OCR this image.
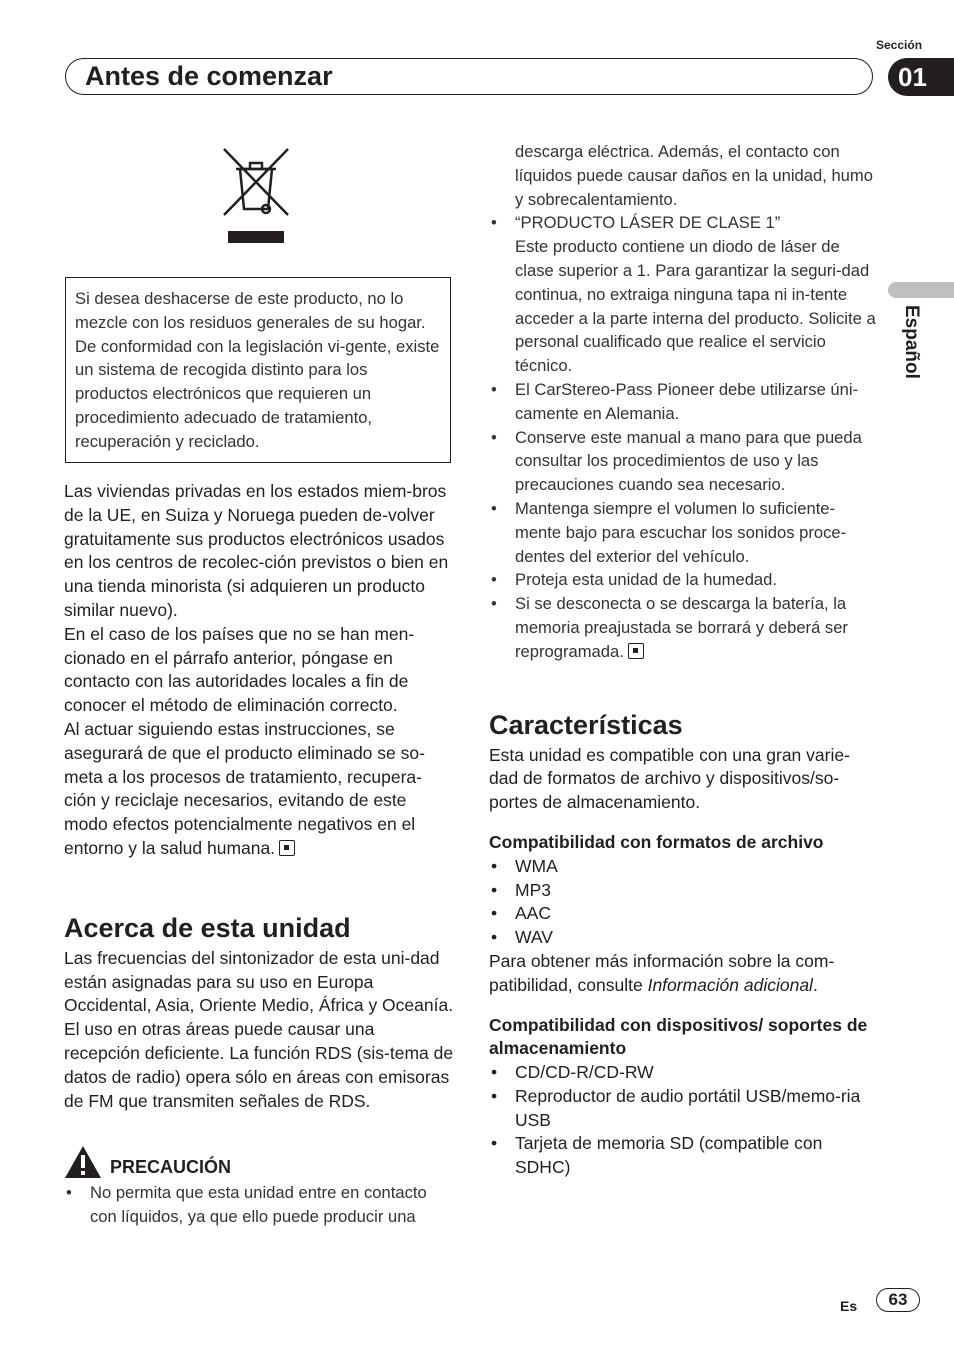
Sección
Antes de comenzar	01
Español
Si desea deshacerse de este producto, no lo mezcle con los residuos generales de su hogar. De conformidad con la legislación vi-gente, existe un sistema de recogida distinto para los productos electrónicos que requieren un procedimiento adecuado de tratamiento, recuperación y reciclado.

Las viviendas privadas en los estados miem-bros de la UE, en Suiza y Noruega pueden de-volver gratuitamente sus productos electrónicos usados en los centros de recolec-ción previstos o bien en una tienda minorista (si adquieren un producto similar nuevo).

En el caso de los países que no se han men-cionado en el párrafo anterior, póngase en contacto con las autoridades locales a fin de conocer el método de eliminación correcto.

Al actuar siguiendo estas instrucciones, se asegurará de que el producto eliminado se so-meta a los procesos de tratamiento, recupera-ción y reciclaje necesarios, evitando de este modo efectos potencialmente negativos en el entorno y la salud humana.

Acerca de esta unidad

Las frecuencias del sintonizador de esta uni-dad están asignadas para su uso en Europa Occidental, Asia, Oriente Medio, África y Oceanía. El uso en otras áreas puede causar una recepción deficiente. La función RDS (sis-tema de datos de radio) opera sólo en áreas con emisoras de FM que transmiten señales de RDS.

PRECAUCIÓN
• No permita que esta unidad entre en contacto con líquidos, ya que ello puede producir una

descarga eléctrica. Además, el contacto con líquidos puede causar daños en la unidad, humo y sobrecalentamiento.

• “PRODUCTO LÁSER DE CLASE 1”
Este producto contiene un diodo de láser de clase superior a 1. Para garantizar la seguri-dad continua, no extraiga ninguna tapa ni in-tente acceder a la parte interna del producto. Solicite a personal cualificado que realice el servicio técnico.
• El CarStereo-Pass Pioneer debe utilizarse úni-camente en Alemania.
• Conserve este manual a mano para que pueda consultar los procedimientos de uso y las precauciones cuando sea necesario.
• Mantenga siempre el volumen lo suficiente-mente bajo para escuchar los sonidos proce-dentes del exterior del vehículo.
• Proteja esta unidad de la humedad.
• Si se desconecta o se descarga la batería, la memoria preajustada se borrará y deberá ser reprogramada.
Características

Esta unidad es compatible con una gran varie-dad de formatos de archivo y dispositivos/so-portes de almacenamiento.

Compatibilidad con formatos de archivo
• WMA
• MP3
• AAC
• WAV

Para obtener más información sobre la com-patibilidad, consulte Información adicional.

Compatibilidad con dispositivos/ soportes de almacenamiento
• CD/CD-R/CD-RW
• Reproductor de audio portátil USB/memo-ria USB
• Tarjeta de memoria SD (compatible con SDHC)
Es	63
